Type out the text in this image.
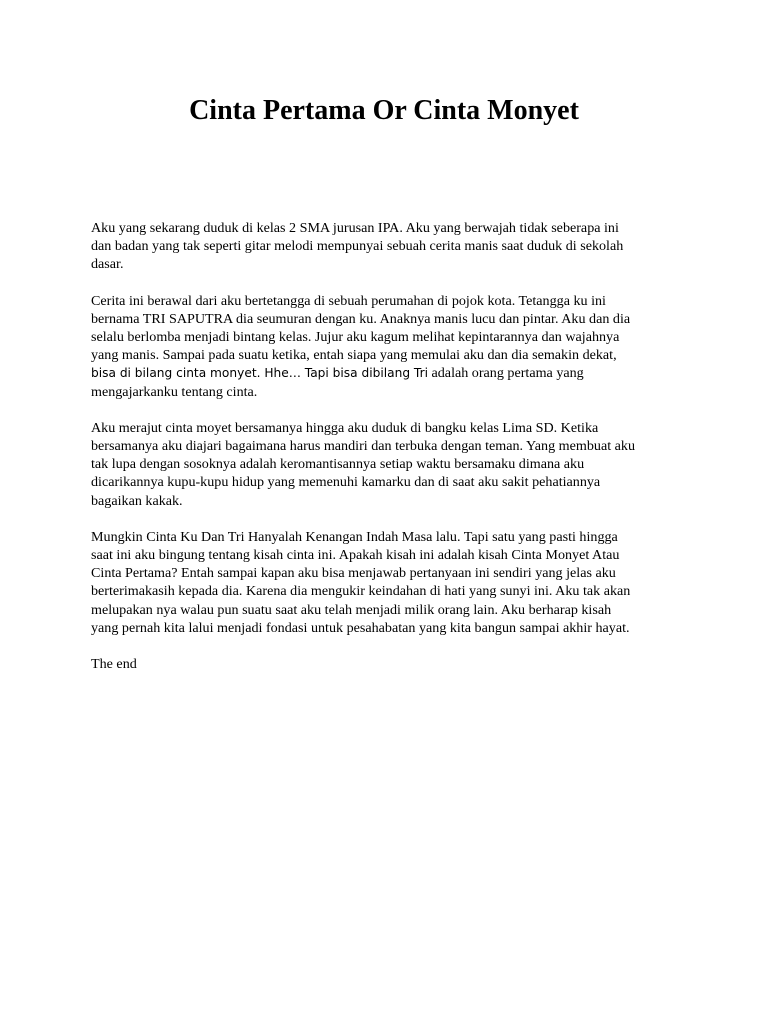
Cinta Pertama Or Cinta Monyet

Aku yang sekarang duduk di kelas 2 SMA jurusan IPA. Aku yang berwajah tidak seberapa ini
dan badan yang tak seperti gitar melodi mempunyai sebuah cerita manis saat duduk di sekolah
dasar.

Cerita ini berawal dari aku bertetangga di sebuah perumahan di pojok kota. Tetangga ku ini
bernama TRI SAPUTRA dia seumuran dengan ku. Anaknya manis lucu dan pintar. Aku dan dia
selalu berlomba menjadi bintang kelas. Jujur aku kagum melihat kepintarannya dan wajahnya
yang manis. Sampai pada suatu ketika, entah siapa yang memulai aku dan dia semakin dekat,
bisa di bilang cinta monyet. Hhe… Tapi bisa dibilang Tri adalah orang pertama yang
mengajarkanku tentang cinta.

Aku merajut cinta moyet bersamanya hingga aku duduk di bangku kelas Lima SD. Ketika
bersamanya aku diajari bagaimana harus mandiri dan terbuka dengan teman. Yang membuat aku
tak lupa dengan sosoknya adalah keromantisannya setiap waktu bersamaku dimana aku
dicarikannya kupu-kupu hidup yang memenuhi kamarku dan di saat aku sakit pehatiannya
bagaikan kakak.

Mungkin Cinta Ku Dan Tri Hanyalah Kenangan Indah Masa lalu. Tapi satu yang pasti hingga
saat ini aku bingung tentang kisah cinta ini. Apakah kisah ini adalah kisah Cinta Monyet Atau
Cinta Pertama? Entah sampai kapan aku bisa menjawab pertanyaan ini sendiri yang jelas aku
berterimakasih kepada dia. Karena dia mengukir keindahan di hati yang sunyi ini. Aku tak akan
melupakan nya walau pun suatu saat aku telah menjadi milik orang lain. Aku berharap kisah
yang pernah kita lalui menjadi fondasi untuk pesahabatan yang kita bangun sampai akhir hayat.

The end
